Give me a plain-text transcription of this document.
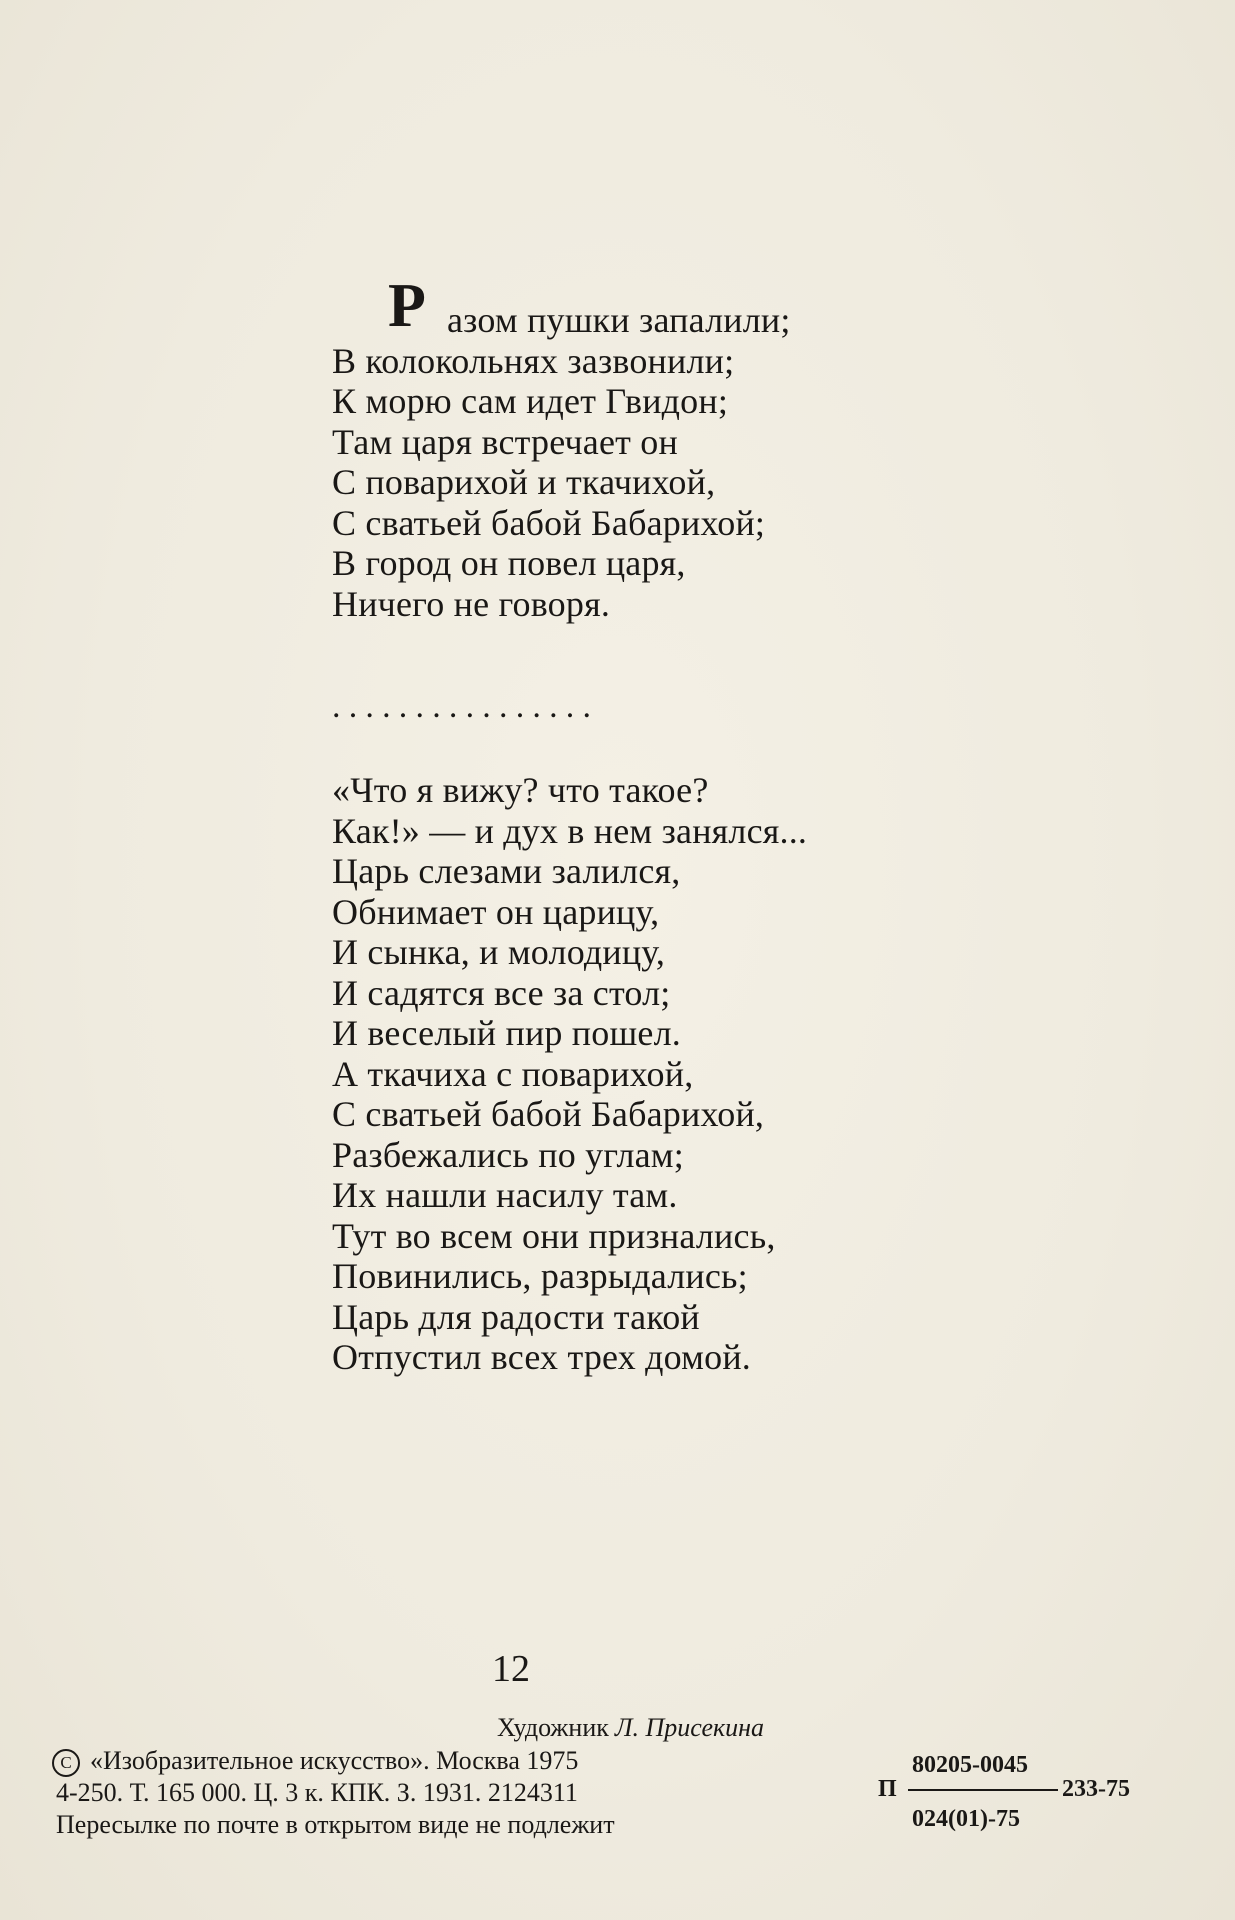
Р азом пушки запалили;
В колокольнях зазвонили;
К морю сам идет Гвидон;
Там царя встречает он
С поварихой и ткачихой,
С сватьей бабой Бабарихой;
В город он повел царя,
Ничего не говоря.
................
«Что я вижу? что такое?
Как!» — и дух в нем занялся...
Царь слезами залился,
Обнимает он царицу,
И сынка, и молодицу,
И садятся все за стол;
И веселый пир пошел.
А ткачиха с поварихой,
С сватьей бабой Бабарихой,
Разбежались по углам;
Их нашли насилу там.
Тут во всем они признались,
Повинились, разрыдались;
Царь для радости такой
Отпустил всех трех домой.
12
Художник Л. Присекина
C «Изобразительное искусство». Москва 1975
4-250. Т. 165 000. Ц. 3 к. КПК. З. 1931. 2124311
Пересылке по почте в открытом виде не подлежит
П
80205-0045
233-75
024(01)-75
